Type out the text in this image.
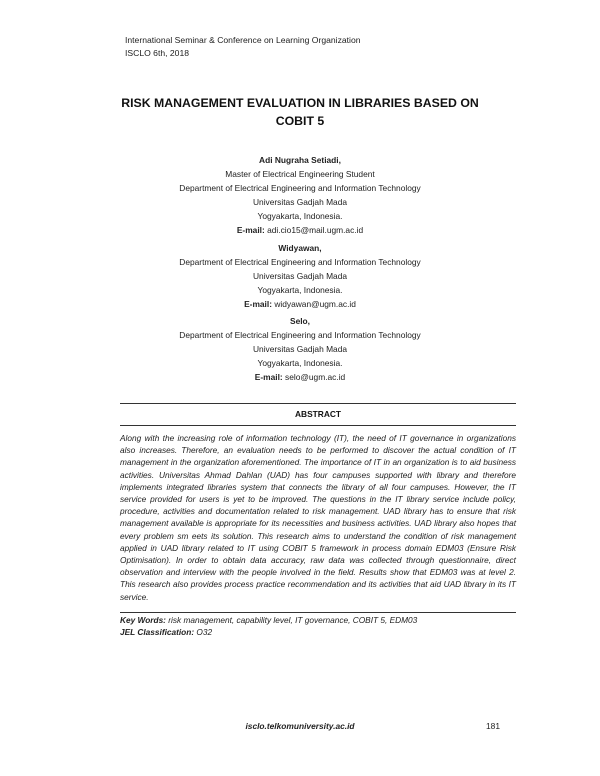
International Seminar & Conference on Learning Organization
ISCLO 6th, 2018
RISK MANAGEMENT EVALUATION IN LIBRARIES BASED ON
COBIT 5
Adi Nugraha Setiadi,
Master of Electrical Engineering Student
Department of Electrical Engineering and Information Technology
Universitas Gadjah Mada
Yogyakarta, Indonesia.
E-mail: adi.cio15@mail.ugm.ac.id
Widyawan,
Department of Electrical Engineering and Information Technology
Universitas Gadjah Mada
Yogyakarta, Indonesia.
E-mail: widyawan@ugm.ac.id
Selo,
Department of Electrical Engineering and Information Technology
Universitas Gadjah Mada
Yogyakarta, Indonesia.
E-mail: selo@ugm.ac.id
ABSTRACT
Along with the increasing role of information technology (IT), the need of IT governance in organizations also increases. Therefore, an evaluation needs to be performed to discover the actual condition of IT management in the organization aforementioned. The importance of IT in an organization is to aid business activities. Universitas Ahmad Dahlan (UAD) has four campuses supported with library and therefore implements integrated libraries system that connects the library of all four campuses. However, the IT service provided for users is yet to be improved. The questions in the IT library service include policy, procedure, activities and documentation related to risk management. UAD library has to ensure that risk management available is appropriate for its necessities and business activities. UAD library also hopes that every problem sm eets its solution. This research aims to understand the condition of risk management applied in UAD library related to IT using COBIT 5 framework in process domain EDM03 (Ensure Risk Optimisation). In order to obtain data accuracy, raw data was collected through questionnaire, direct observation and interview with the people involved in the field. Results show that EDM03 was at level 2. This research also provides process practice recommendation and its activities that aid UAD library in its IT service.
Key Words: risk management, capability level, IT governance, COBIT 5, EDM03
JEL Classification: O32
isclo.telkomuniversity.ac.id	181
